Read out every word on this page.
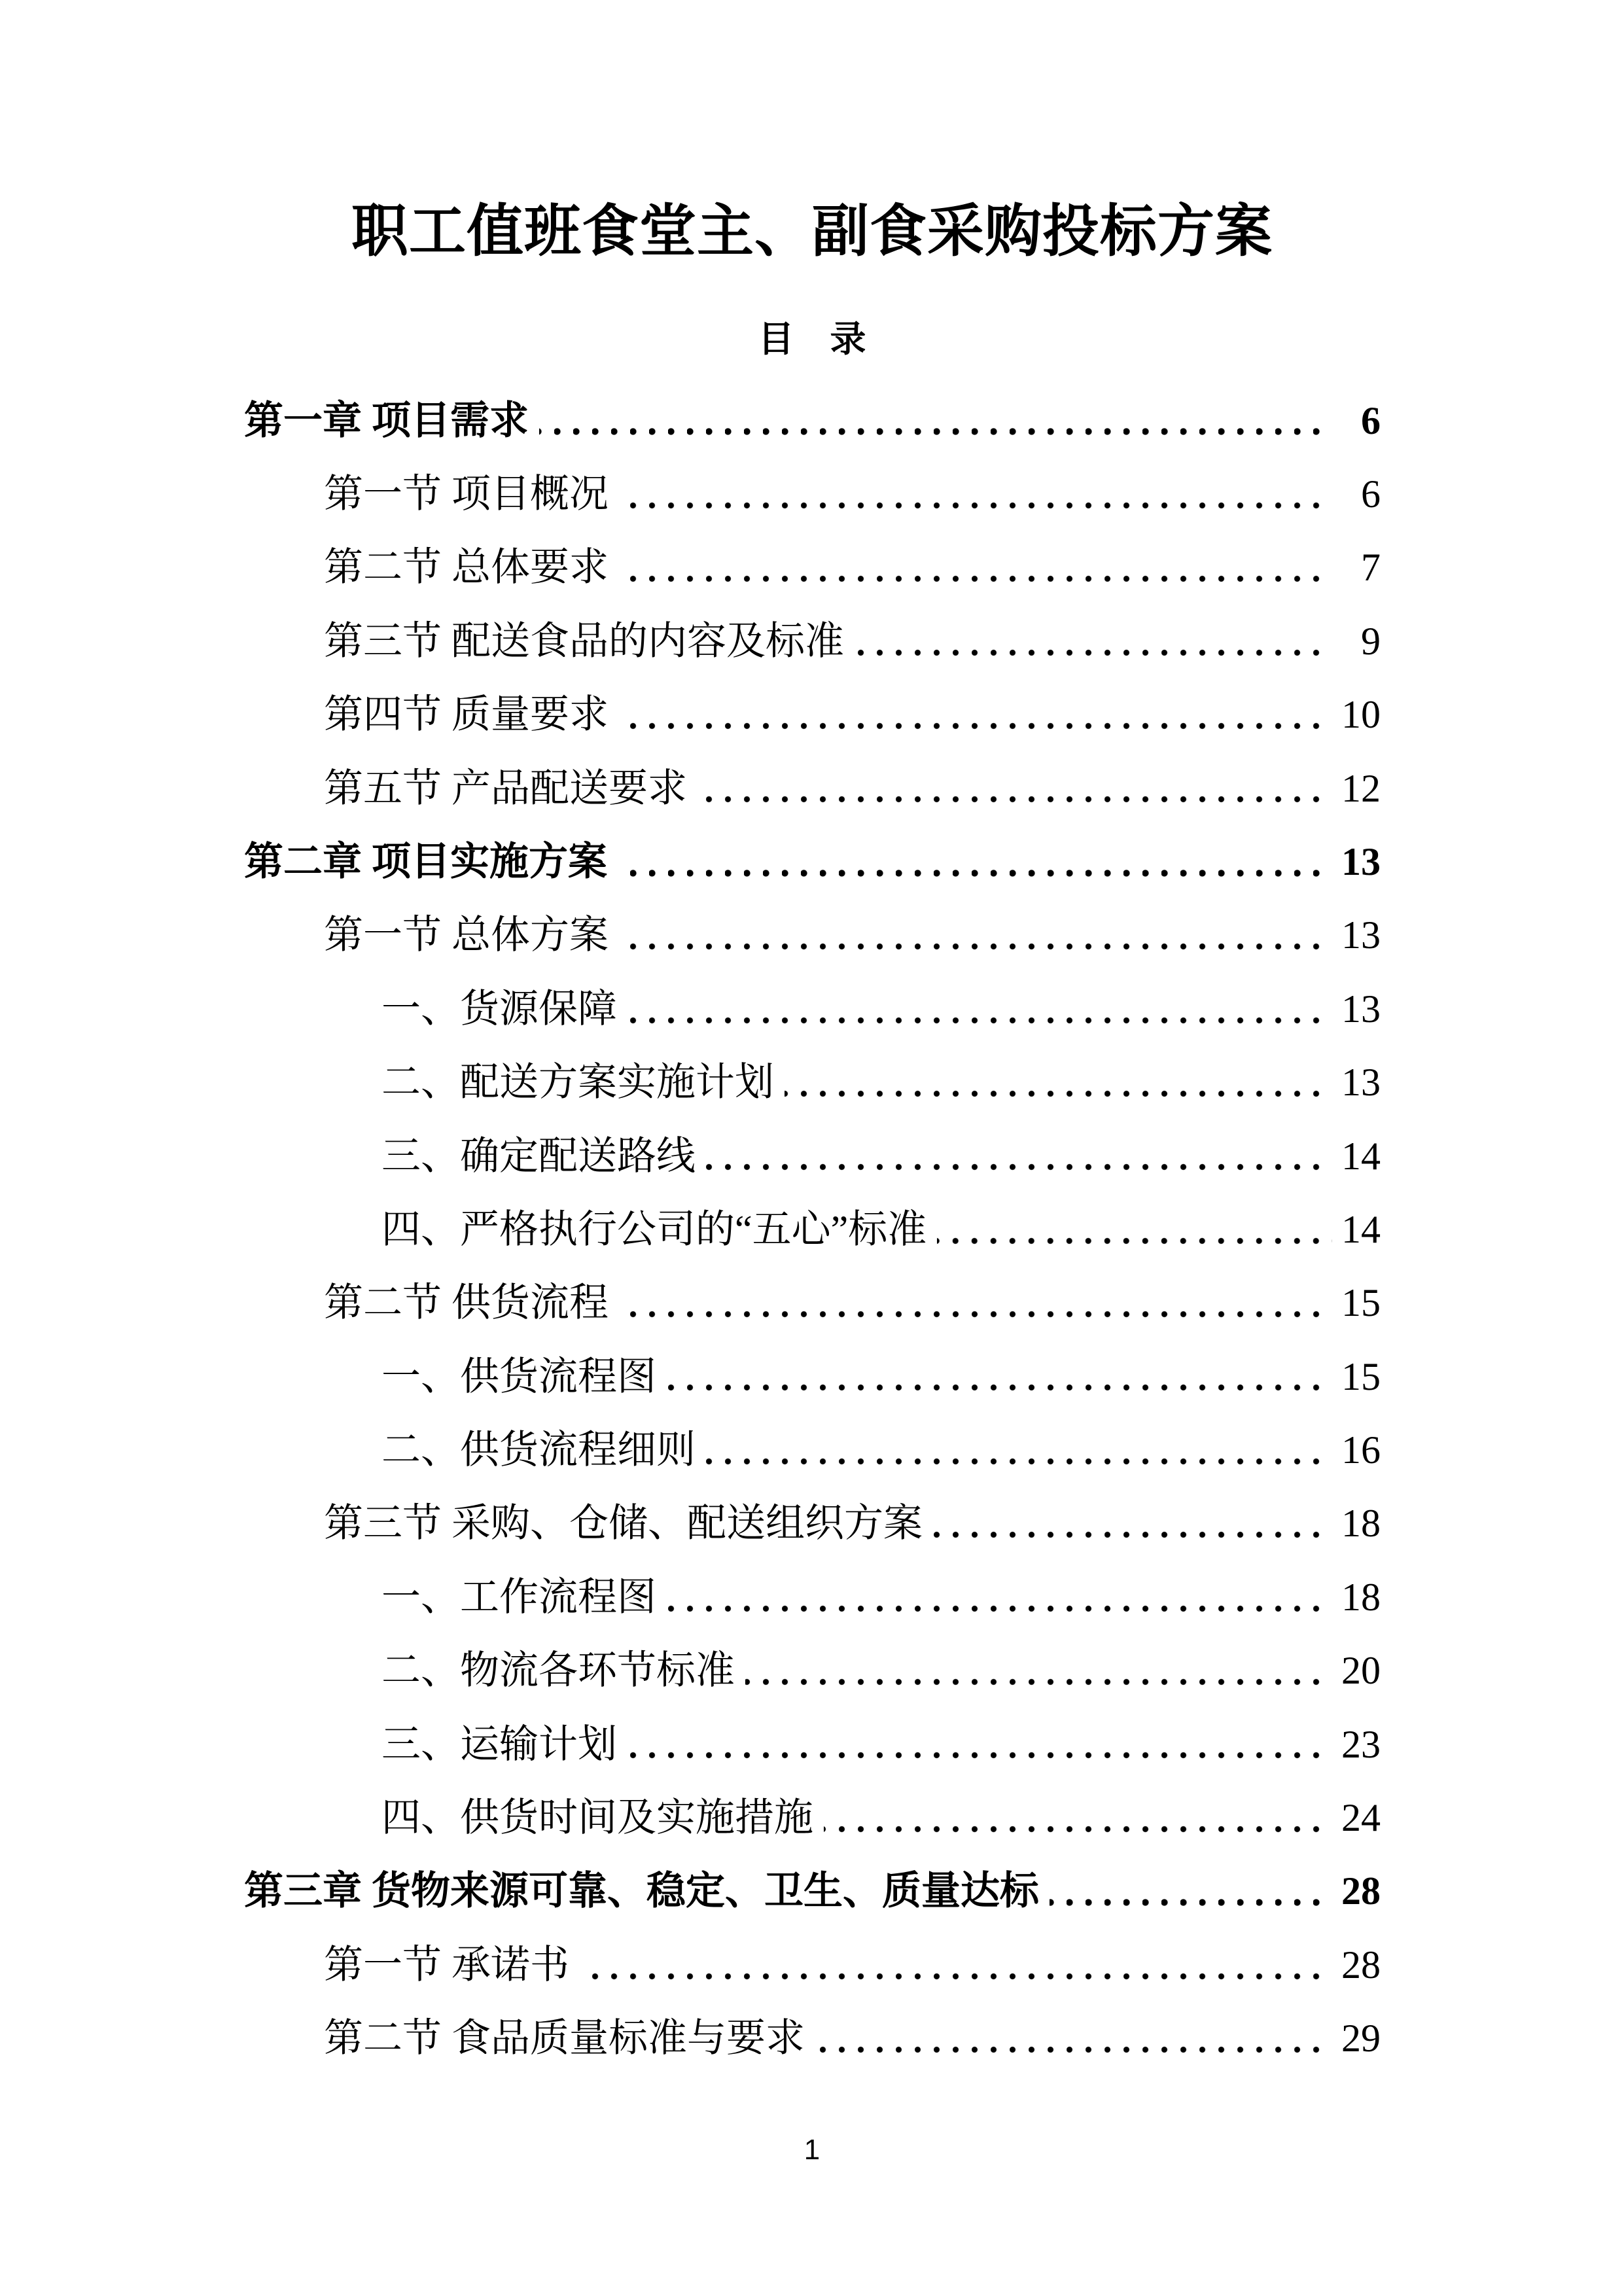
职工值班食堂主、副食采购投标方案
目　录
第一章 项目需求	6
第一节 项目概况	6
第二节 总体要求	7
第三节 配送食品的内容及标准	9
第四节 质量要求	10
第五节 产品配送要求	12
第二章 项目实施方案	13
第一节 总体方案	13
一、货源保障	13
二、配送方案实施计划	13
三、确定配送路线	14
四、严格执行公司的“五心”标准	14
第二节 供货流程	15
一、供货流程图	15
二、供货流程细则	16
第三节 采购、仓储、配送组织方案	18
一、工作流程图	18
二、物流各环节标准	20
三、运输计划	23
四、供货时间及实施措施	24
第三章 货物来源可靠、稳定、卫生、质量达标	28
第一节 承诺书	28
第二节 食品质量标准与要求	29
1
